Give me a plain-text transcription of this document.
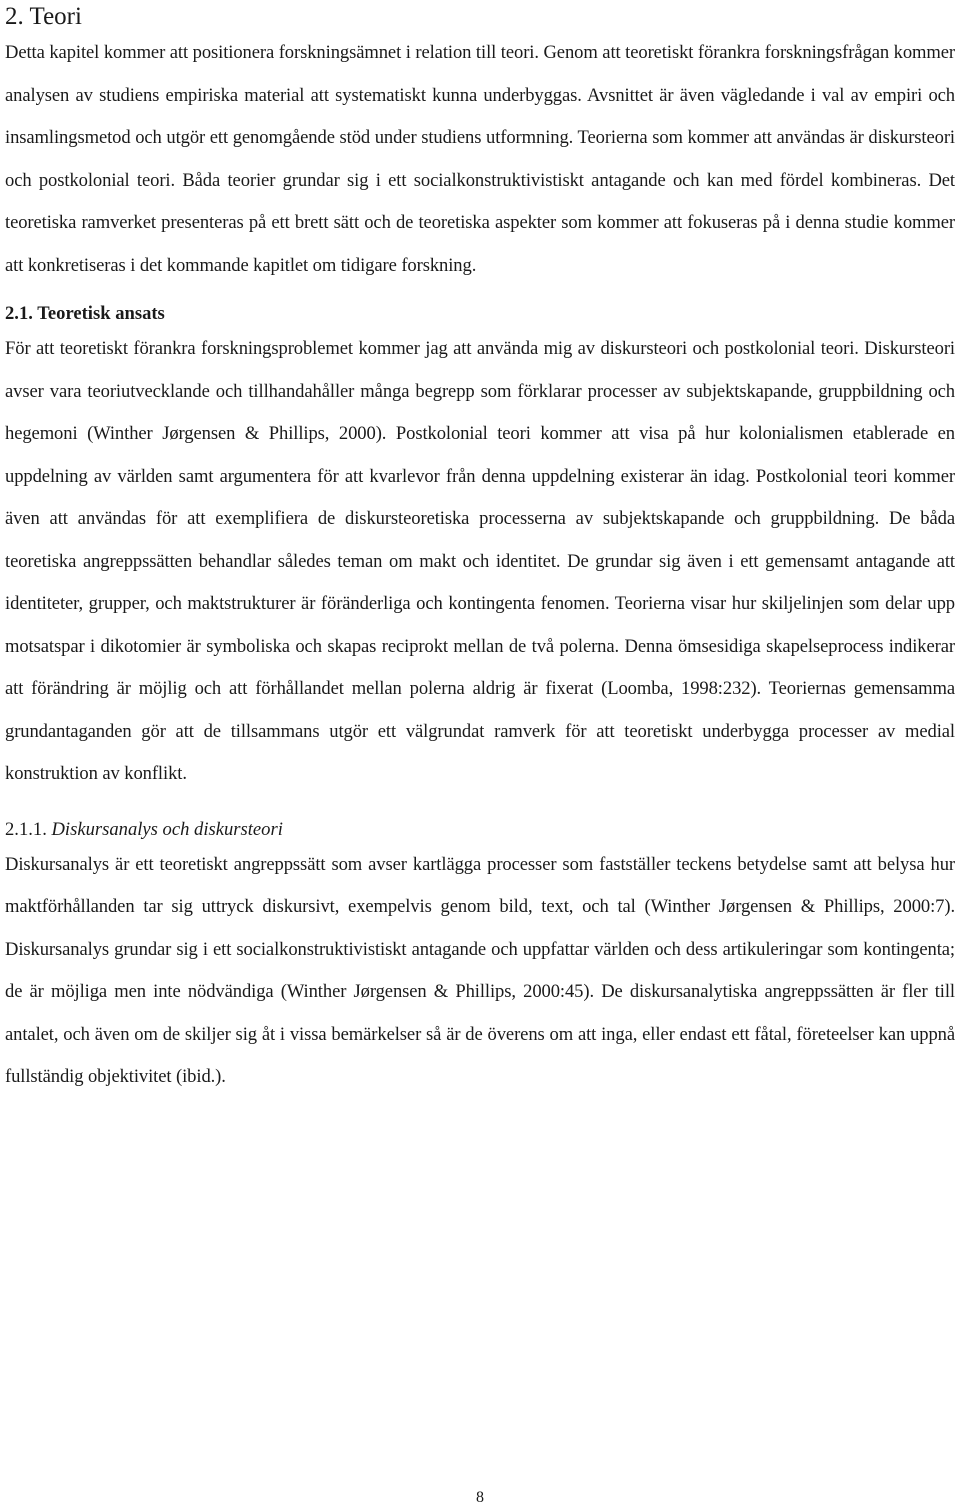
2. Teori

Detta kapitel kommer att positionera forskningsämnet i relation till teori. Genom att teoretiskt förankra forskningsfrågan kommer analysen av studiens empiriska material att systematiskt kunna underbyggas. Avsnittet är även vägledande i val av empiri och insamlingsmetod och utgör ett genomgående stöd under studiens utformning. Teorierna som kommer att användas är diskursteori och postkolonial teori. Båda teorier grundar sig i ett socialkonstruktivistiskt antagande och kan med fördel kombineras. Det teoretiska ramverket presenteras på ett brett sätt och de teoretiska aspekter som kommer att fokuseras på i denna studie kommer att konkretiseras i det kommande kapitlet om tidigare forskning.

2.1. Teoretisk ansats

För att teoretiskt förankra forskningsproblemet kommer jag att använda mig av diskursteori och postkolonial teori. Diskursteori avser vara teoriutvecklande och tillhandahåller många begrepp som förklarar processer av subjektskapande, gruppbildning och hegemoni (Winther Jørgensen & Phillips, 2000). Postkolonial teori kommer att visa på hur kolonialismen etablerade en uppdelning av världen samt argumentera för att kvarlevor från denna uppdelning existerar än idag. Postkolonial teori kommer även att användas för att exemplifiera de diskursteoretiska processerna av subjektskapande och gruppbildning. De båda teoretiska angreppssätten behandlar således teman om makt och identitet. De grundar sig även i ett gemensamt antagande att identiteter, grupper, och maktstrukturer är föränderliga och kontingenta fenomen. Teorierna visar hur skiljelinjen som delar upp motsatspar i dikotomier är symboliska och skapas reciprokt mellan de två polerna. Denna ömsesidiga skapelseprocess indikerar att förändring är möjlig och att förhållandet mellan polerna aldrig är fixerat (Loomba, 1998:232). Teoriernas gemensamma grundantaganden gör att de tillsammans utgör ett välgrundat ramverk för att teoretiskt underbygga processer av medial konstruktion av konflikt.

2.1.1. Diskursanalys och diskursteori

Diskursanalys är ett teoretiskt angreppssätt som avser kartlägga processer som fastställer teckens betydelse samt att belysa hur maktförhållanden tar sig uttryck diskursivt, exempelvis genom bild, text, och tal (Winther Jørgensen & Phillips, 2000:7). Diskursanalys grundar sig i ett socialkonstruktivistiskt antagande och uppfattar världen och dess artikuleringar som kontingenta; de är möjliga men inte nödvändiga (Winther Jørgensen & Phillips, 2000:45). De diskursanalytiska angreppssätten är fler till antalet, och även om de skiljer sig åt i vissa bemärkelser så är de överens om att inga, eller endast ett fåtal, företeelser kan uppnå fullständig objektivitet (ibid.).

8
